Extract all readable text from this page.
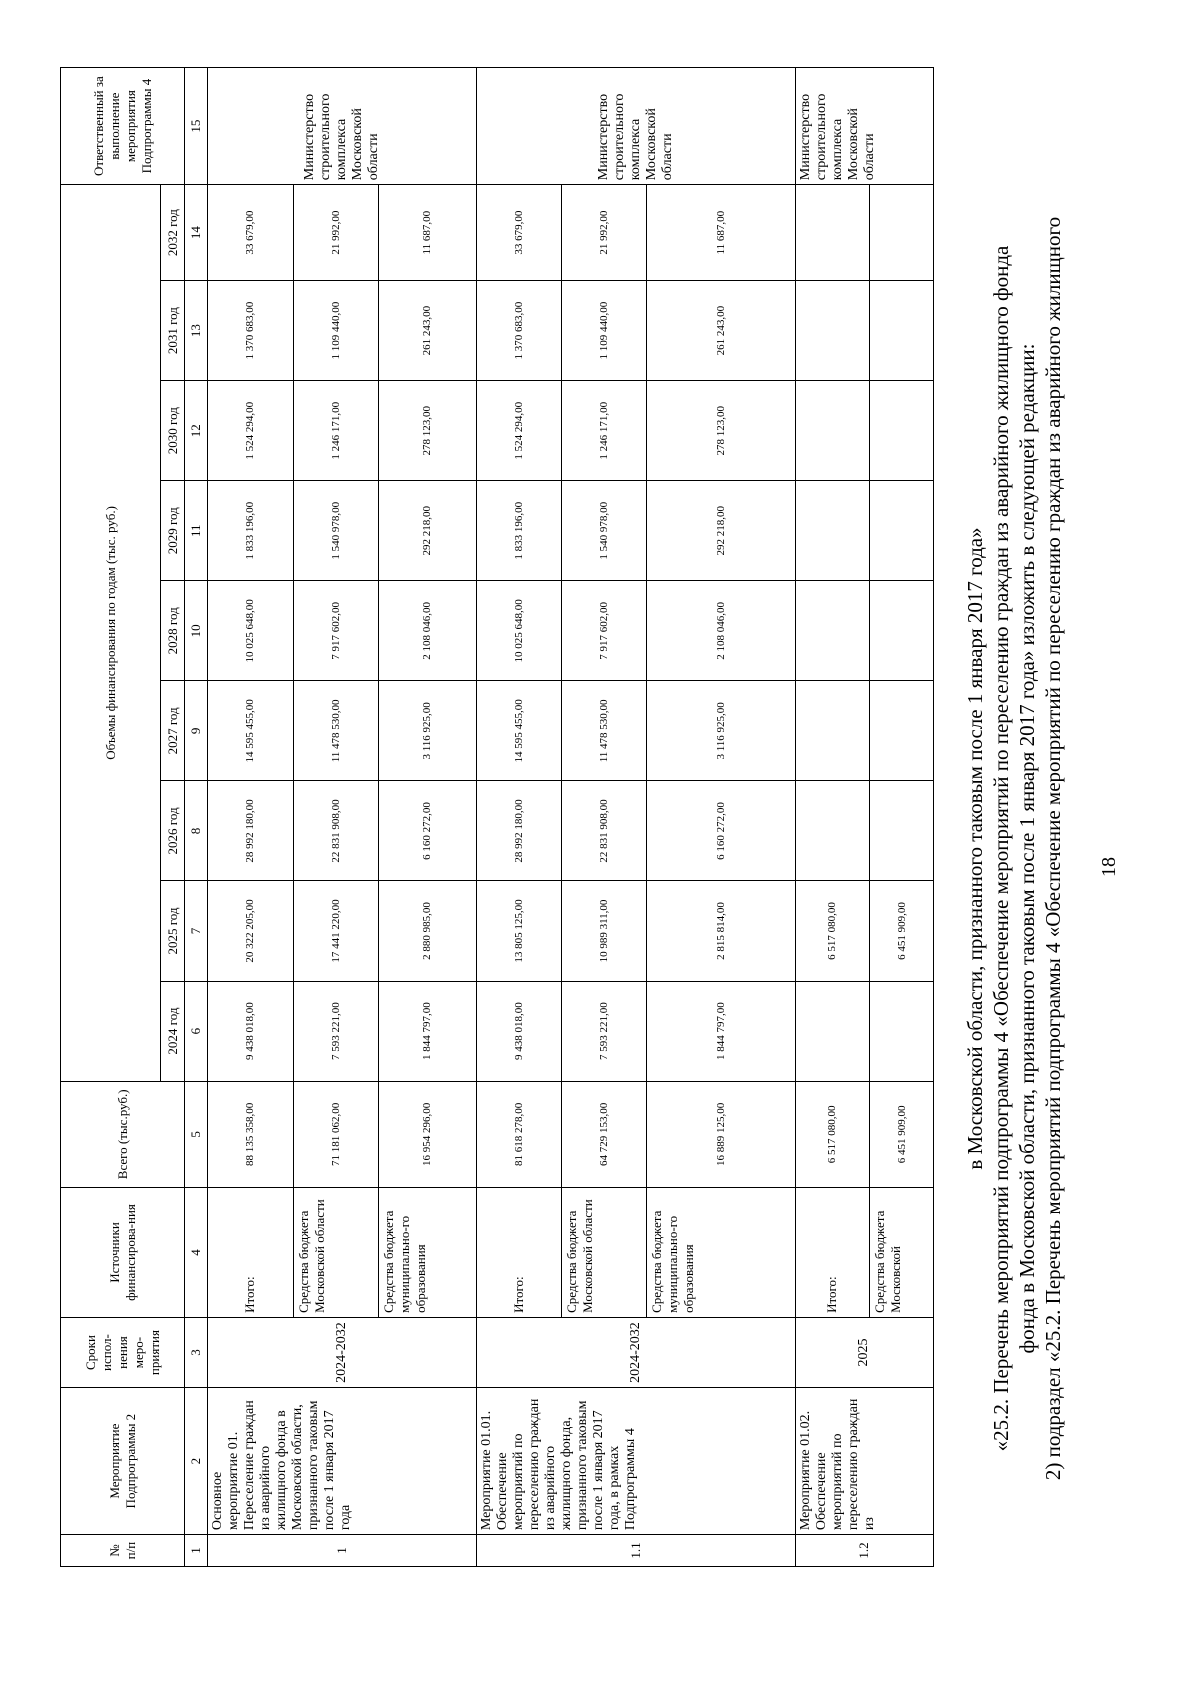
18
2) подраздел «25.2. Перечень мероприятий подпрограммы 4 «Обеспечение мероприятий по переселению граждан из аварийного жилищного
фонда в Московской области, признанного таковым после 1 января 2017 года» изложить в следующей редакции:
«25.2. Перечень мероприятий подпрограммы 4 «Обеспечение мероприятий по переселению граждан из аварийного жилищного фонда
в Московской области, признанного таковым после 1 января 2017 года»
№ п/п	Мероприятие Подпрограммы 2	Сроки испол-нения меро-приятия	Источники финансирова-ния	Всего (тыс.руб.)	Объемы финансирования по годам (тыс. руб.)									Ответственный за выполнение мероприятия Подпрограммы 4
					2024 год	2025 год	2026 год	2027 год	2028 год	2029 год	2030 год	2031 год	2032 год	
1	2	3	4	5	6	7	8	9	10	11	12	13	14	15
1	Основное мероприятие 01. Переселение граждан из аварийного жилищного фонда в Московской области, признанного таковым после 1 января 2017 года	2024-2032	Итого:	88 135 358,00	9 438 018,00	20 322 205,00	28 992 180,00	14 595 455,00	10 025 648,00	1 833 196,00	1 524 294,00	1 370 683,00	33 679,00	Министерство строительного комплекса Московской области
			Средства бюджета Московской области	71 181 062,00	7 593 221,00	17 441 220,00	22 831 908,00	11 478 530,00	7 917 602,00	1 540 978,00	1 246 171,00	1 109 440,00	21 992,00	
			Средства бюджета муниципально-го образования	16 954 296,00	1 844 797,00	2 880 985,00	6 160 272,00	3 116 925,00	2 108 046,00	292 218,00	278 123,00	261 243,00	11 687,00	
1.1	Мероприятие 01.01. Обеспечение мероприятий по переселению граждан из аварийного жилищного фонда, признанного таковым после 1 января 2017 года, в рамках Подпрограммы 4	2024-2032	Итого:	81 618 278,00	9 438 018,00	13 805 125,00	28 992 180,00	14 595 455,00	10 025 648,00	1 833 196,00	1 524 294,00	1 370 683,00	33 679,00	Министерство строительного комплекса Московской области
			Средства бюджета Московской области	64 729 153,00	7 593 221,00	10 989 311,00	22 831 908,00	11 478 530,00	7 917 602,00	1 540 978,00	1 246 171,00	1 109 440,00	21 992,00	
			Средства бюджета муниципально-го образования	16 889 125,00	1 844 797,00	2 815 814,00	6 160 272,00	3 116 925,00	2 108 046,00	292 218,00	278 123,00	261 243,00	11 687,00	
1.2	Мероприятие 01.02. Обеспечение мероприятий по переселению граждан из	2025	Итого:	6 517 080,00		6 517 080,00								Министерство строительного комплекса Московской области
			Средства бюджета Московской	6 451 909,00		6 451 909,00								
